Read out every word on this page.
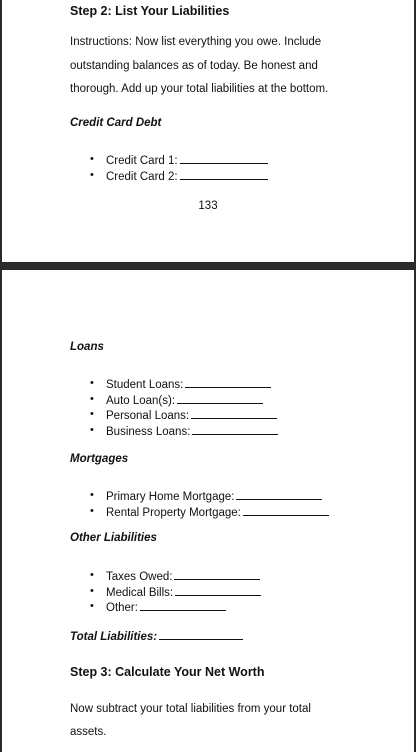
Step 2: List Your Liabilities
Instructions: Now list everything you owe. Include
outstanding balances as of today. Be honest and
thorough. Add up your total liabilities at the bottom.
Credit Card Debt
• Credit Card 1:
• Credit Card 2:
133
Loans
• Student Loans:
• Auto Loan(s):
• Personal Loans:
• Business Loans:
Mortgages
• Primary Home Mortgage:
• Rental Property Mortgage:
Other Liabilities
• Taxes Owed:
• Medical Bills:
• Other:
Total Liabilities:
Step 3: Calculate Your Net Worth
Now subtract your total liabilities from your total
assets.
